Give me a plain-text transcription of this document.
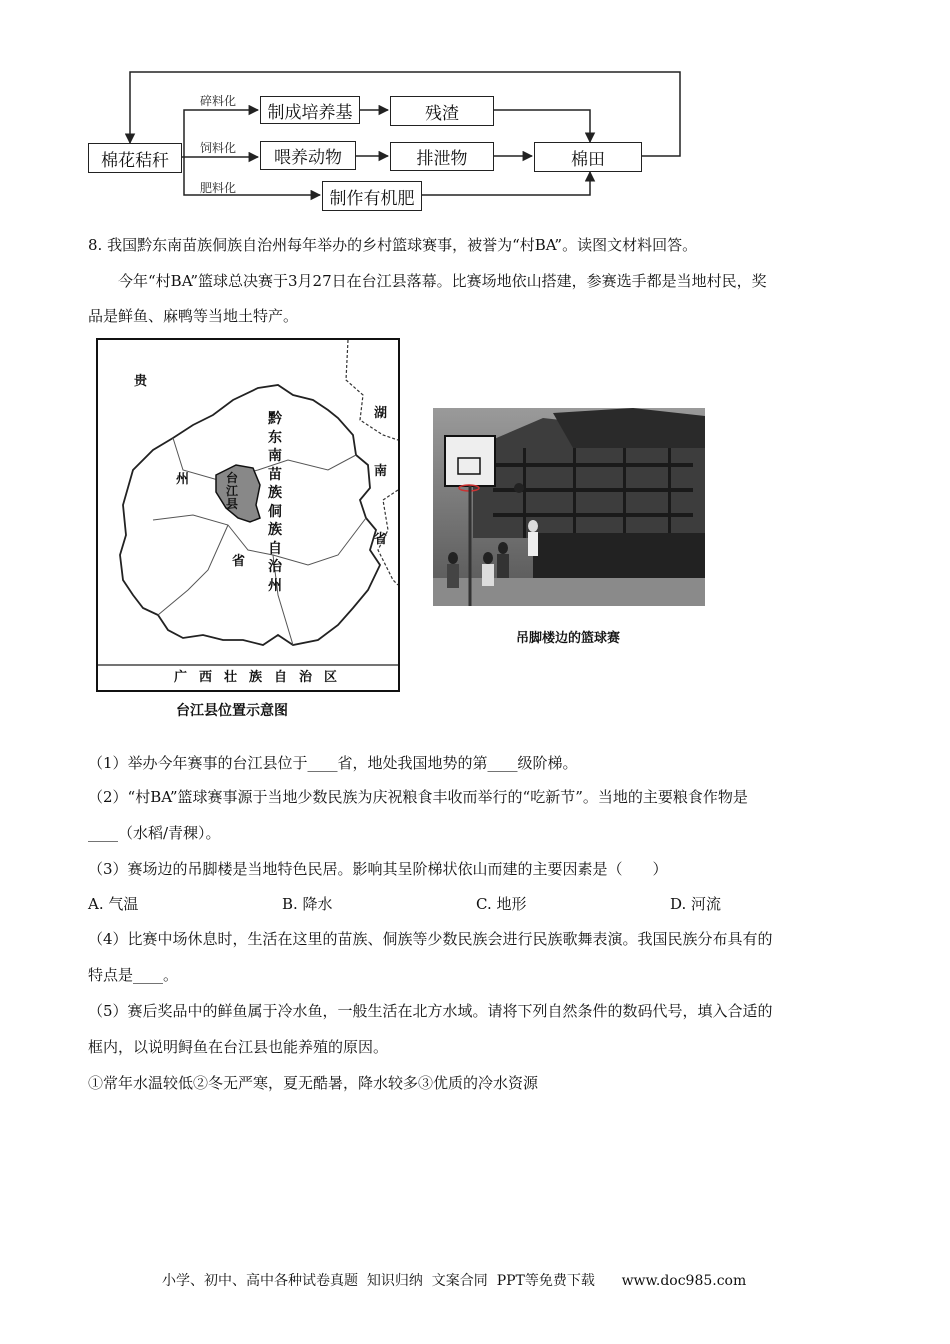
棉花秸秆
碎料化
饲料化
肥料化
制成培养基	残渣
喂养动物	排泄物	棉田
制作有机肥
8. 我国黔东南苗族侗族自治州每年举办的乡村篮球赛事，被誉为“村BA”。读图文材料回答。
今年“村BA”篮球总决赛于3月27日在台江县落幕。比赛场地依山搭建，参赛选手都是当地村民，奖
品是鲜鱼、麻鸭等当地土特产。
贵
州
省
湖
南
省
台江县
黔东南苗族侗族自治州
广西壮族自治区
台江县位置示意图
吊脚楼边的篮球赛
（1）举办今年赛事的台江县位于____省，地处我国地势的第____级阶梯。
（2）“村BA”篮球赛事源于当地少数民族为庆祝粮食丰收而举行的“吃新节”。当地的主要粮食作物是
____（水稻/青稞）。
（3）赛场边的吊脚楼是当地特色民居。影响其呈阶梯状依山而建的主要因素是（　　）
A. 气温	B. 降水	C. 地形	D. 河流
（4）比赛中场休息时，生活在这里的苗族、侗族等少数民族会进行民族歌舞表演。我国民族分布具有的
特点是____。
（5）赛后奖品中的鲜鱼属于冷水鱼，一般生活在北方水域。请将下列自然条件的数码代号，填入合适的
框内，以说明鲟鱼在台江县也能养殖的原因。
①常年水温较低②冬无严寒，夏无酷暑，降水较多③优质的冷水资源
小学、初中、高中各种试卷真题  知识归纳  文案合同  PPT等免费下载      www.doc985.com
